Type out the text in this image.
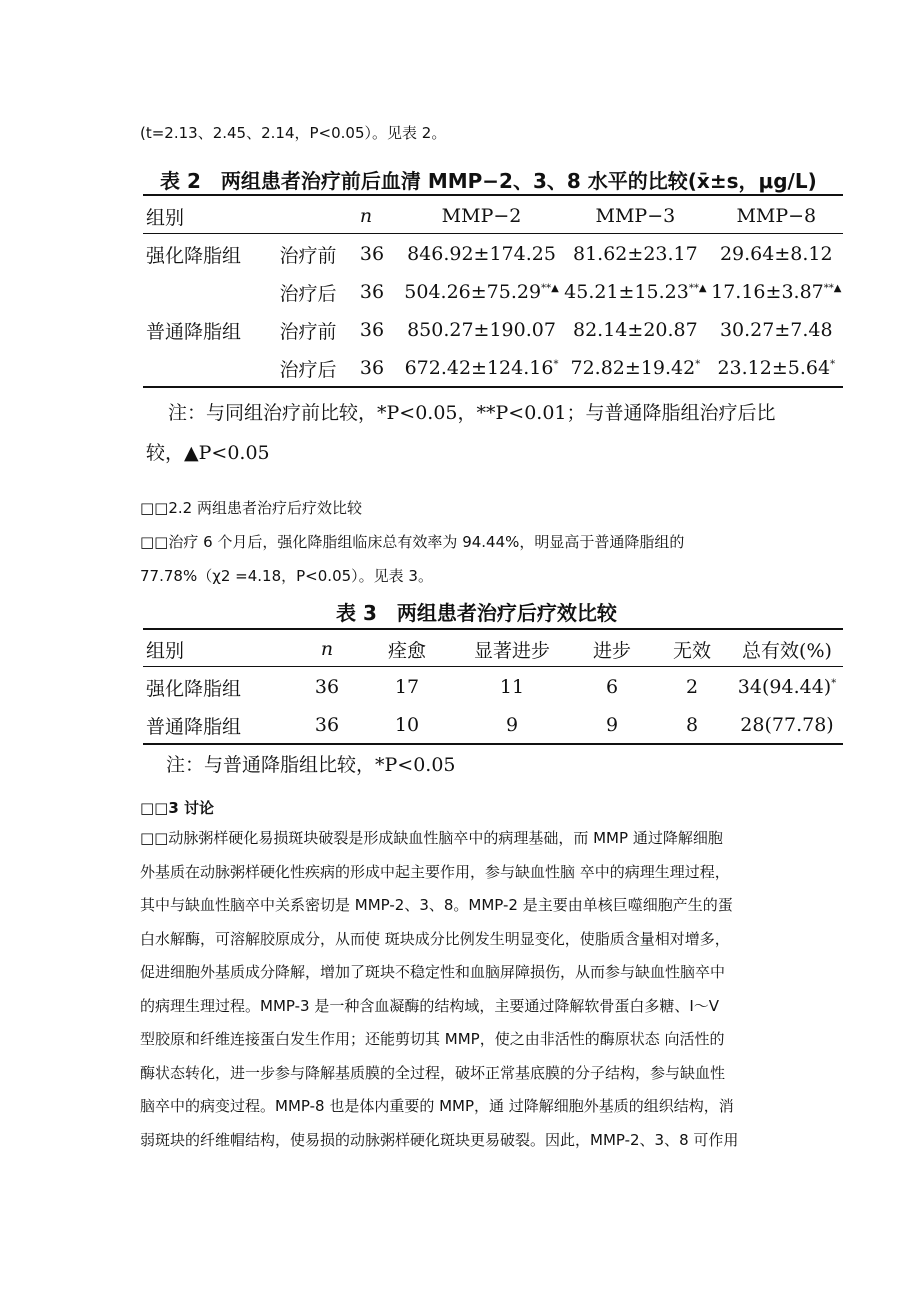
(t=2.13、2.45、2.14，P<0.05）。见表 2。
表 2　两组患者治疗前后血清 MMP−2、3、8 水平的比较(x̄±s，μg/L)
组别		n	MMP−2	MMP−3	MMP−8
强化降脂组	治疗前	36	846.92±174.25	81.62±23.17	29.64±8.12
	治疗后	36	504.26±75.29**▲	45.21±15.23**▲	17.16±3.87**▲
普通降脂组	治疗前	36	850.27±190.07	82.14±20.87	30.27±7.48
	治疗后	36	672.42±124.16*	72.82±19.42*	23.12±5.64*
注：与同组治疗前比较，*P<0.05，**P<0.01；与普通降脂组治疗后比
较，▲P<0.05
□□2.2 两组患者治疗后疗效比较
□□治疗 6 个月后，强化降脂组临床总有效率为 94.44%，明显高于普通降脂组的
77.78%（χ2 =4.18，P<0.05）。见表 3。
表 3　两组患者治疗后疗效比较
组别	n	痊愈	显著进步	进步	无效	总有效(%)
强化降脂组	36	17	11	6	2	34(94.44)*
普通降脂组	36	10	9	9	8	28(77.78)
注：与普通降脂组比较，*P<0.05
□□3 讨论
□□动脉粥样硬化易损斑块破裂是形成缺血性脑卒中的病理基础，而 MMP 通过降解细胞
外基质在动脉粥样硬化性疾病的形成中起主要作用，参与缺血性脑 卒中的病理生理过程，
其中与缺血性脑卒中关系密切是 MMP-2、3、8。MMP-2 是主要由单核巨噬细胞产生的蛋
白水解酶，可溶解胶原成分，从而使 斑块成分比例发生明显变化，使脂质含量相对增多，
促进细胞外基质成分降解，增加了斑块不稳定性和血脑屏障损伤，从而参与缺血性脑卒中
的病理生理过程。MMP-3 是一种含血凝酶的结构域，主要通过降解软骨蛋白多糖、Ⅰ～Ⅴ
型胶原和纤维连接蛋白发生作用；还能剪切其 MMP，使之由非活性的酶原状态 向活性的
酶状态转化，进一步参与降解基质膜的全过程，破坏正常基底膜的分子结构，参与缺血性
脑卒中的病变过程。MMP-8 也是体内重要的 MMP，通 过降解细胞外基质的组织结构，消
弱斑块的纤维帽结构，使易损的动脉粥样硬化斑块更易破裂。因此，MMP-2、3、8 可作用
